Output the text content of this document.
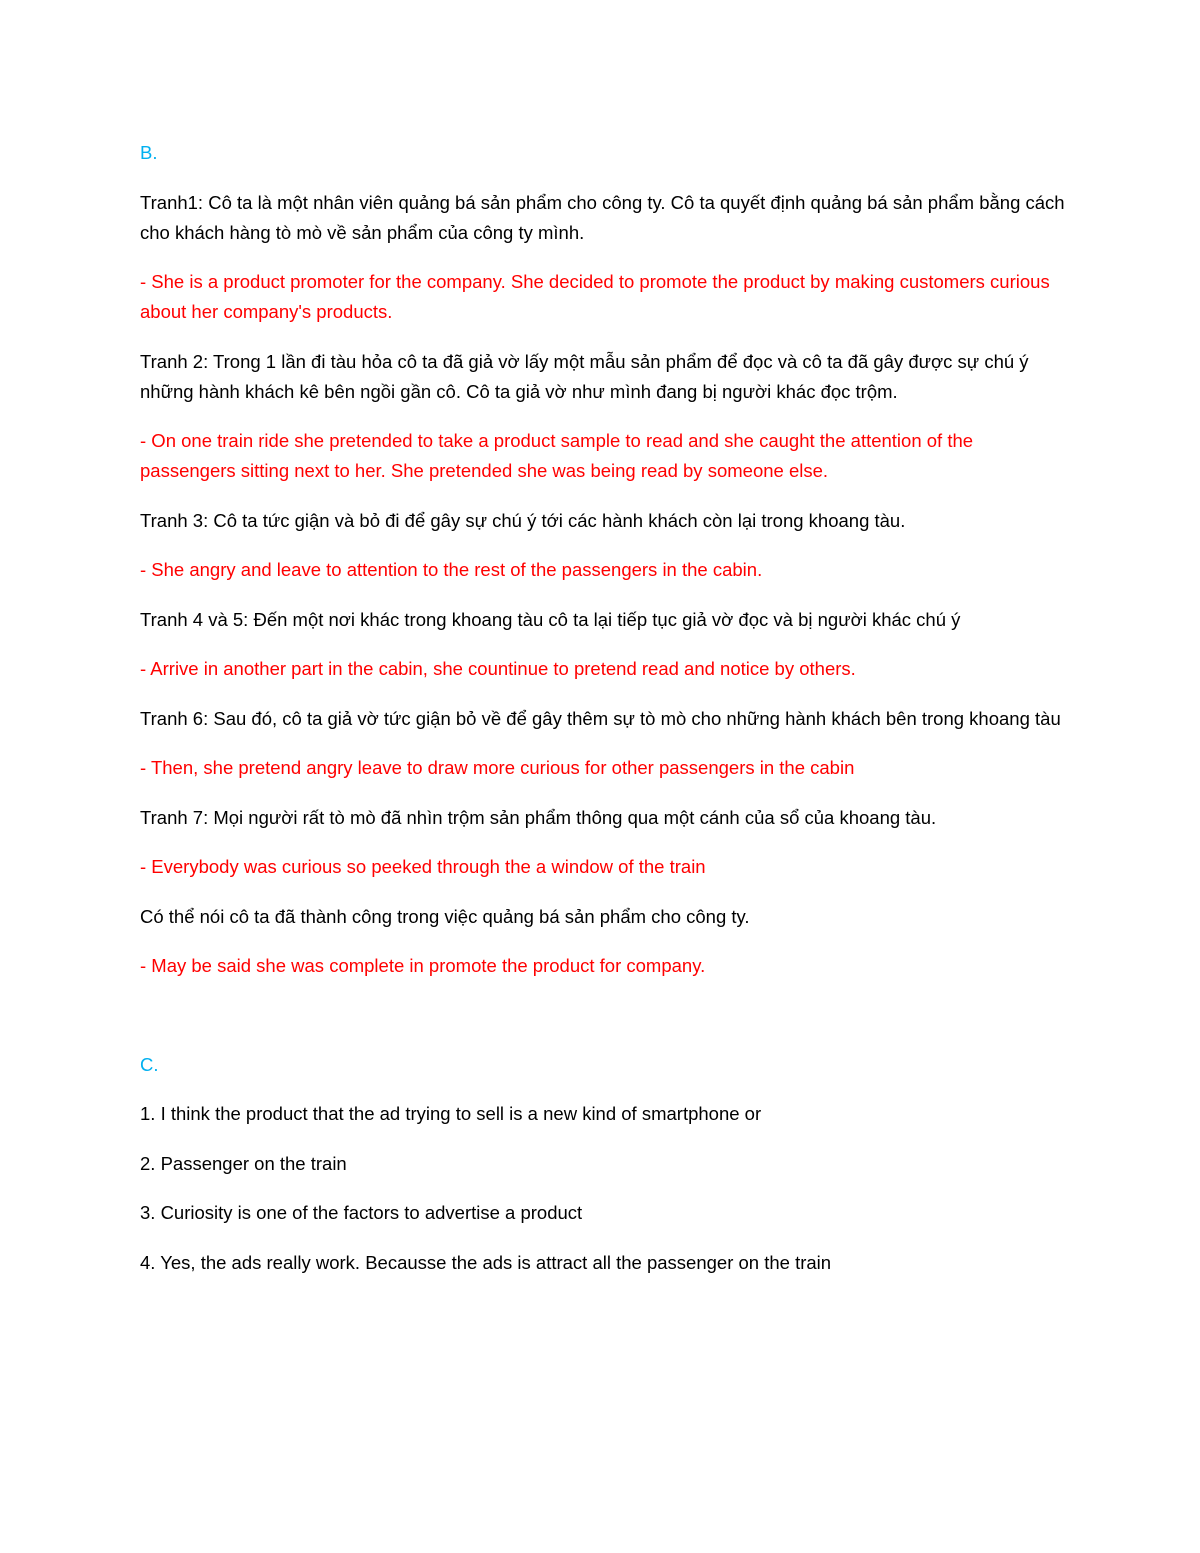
B.

Tranh1: Cô ta là một nhân viên quảng bá sản phẩm cho công ty. Cô ta quyết định quảng bá sản phẩm bằng cách cho khách hàng tò mò về sản phẩm của công ty mình.

- She is a product promoter for the company. She decided to promote the product by making customers curious about her company's products.

Tranh 2: Trong 1 lần đi tàu hỏa cô ta đã giả vờ lấy một mẫu sản phẩm để đọc và cô ta đã gây được sự chú ý những hành khách kê bên ngồi gần cô. Cô ta giả vờ như mình đang bị người khác đọc trộm.

- On one train ride she pretended to take a product sample to read and she caught the attention of the passengers sitting next to her. She pretended she was being read by someone else.

Tranh 3: Cô ta tức giận và bỏ đi để gây sự chú ý tới các hành khách còn lại trong khoang tàu.

- She angry and leave to attention to the rest of the passengers in the cabin.

Tranh 4 và 5: Đến một nơi khác trong khoang tàu cô ta lại tiếp tục giả vờ đọc và bị người khác chú ý

- Arrive in another part in the cabin, she countinue to pretend read and notice by others.

Tranh 6: Sau đó, cô ta giả vờ tức giận bỏ về để gây thêm sự tò mò cho những hành khách bên trong khoang tàu

- Then, she pretend angry leave to draw more curious for other passengers in the cabin

Tranh 7: Mọi người rất tò mò đã nhìn trộm sản phẩm thông qua một cánh của sổ của khoang tàu.

- Everybody was curious so peeked through the a window of the train

Có thể nói cô ta đã thành công trong việc quảng bá sản phẩm cho công ty.

- May be said she was complete in promote the product for company.

C.

1. I think the product that the ad trying to sell is a new kind of smartphone or

2. Passenger on the train

3. Curiosity is one of the factors to advertise a product

4. Yes, the ads really work. Becausse the ads is attract all the passenger on the train
